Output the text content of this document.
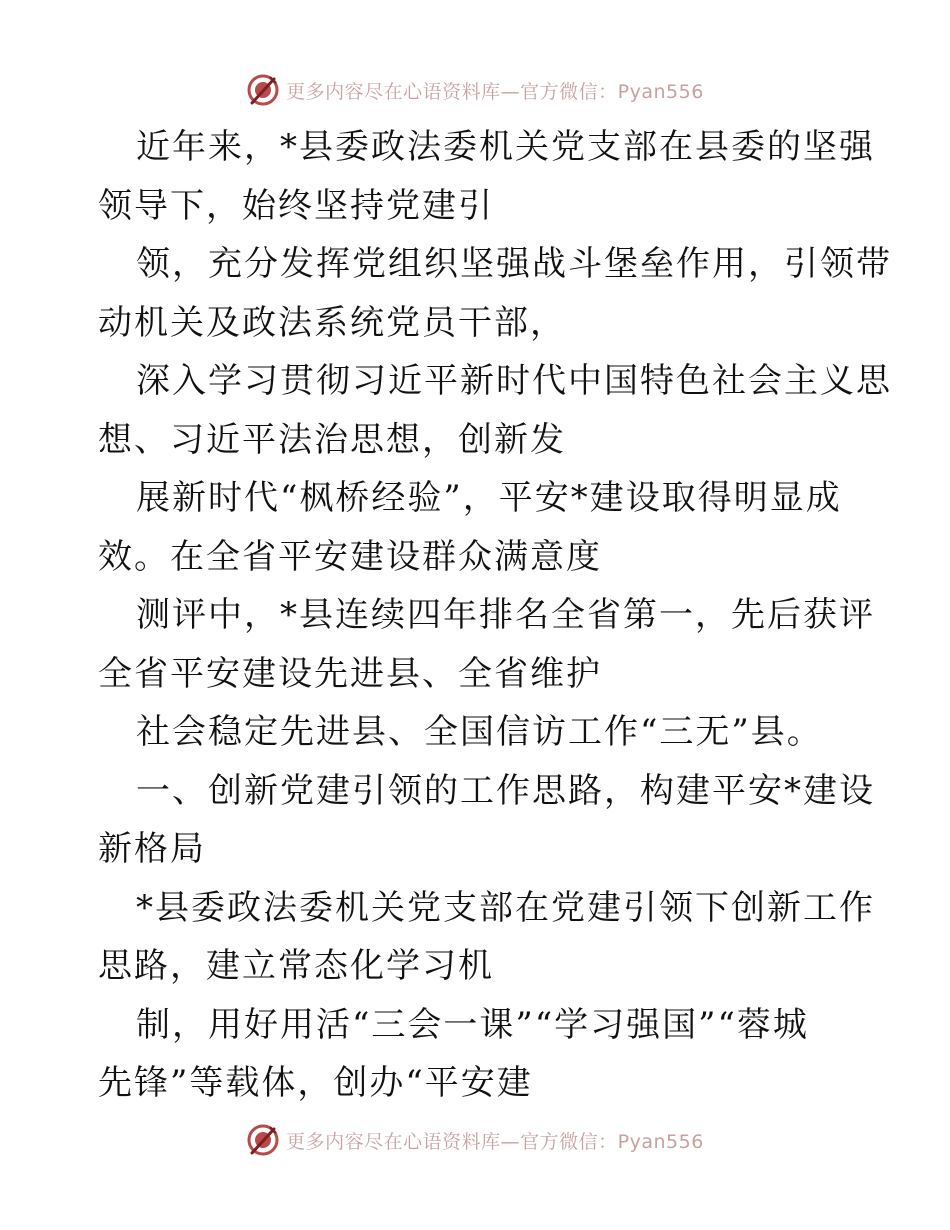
更多内容尽在心语资料库—官方微信：Pyan556
近年来，*县委政法委机关党支部在县委的坚强
领导下，始终坚持党建引
领，充分发挥党组织坚强战斗堡垒作用，引领带
动机关及政法系统党员干部，
深入学习贯彻习近平新时代中国特色社会主义思
想、习近平法治思想，创新发
展新时代“枫桥经验”，平安*建设取得明显成
效。在全省平安建设群众满意度
测评中，*县连续四年排名全省第一，先后获评
全省平安建设先进县、全省维护
社会稳定先进县、全国信访工作“三无”县。
一、创新党建引领的工作思路，构建平安*建设
新格局
*县委政法委机关党支部在党建引领下创新工作
思路，建立常态化学习机
制，用好用活“三会一课”“学习强国”“蓉城
先锋”等载体，创办“平安建
更多内容尽在心语资料库—官方微信：Pyan556
